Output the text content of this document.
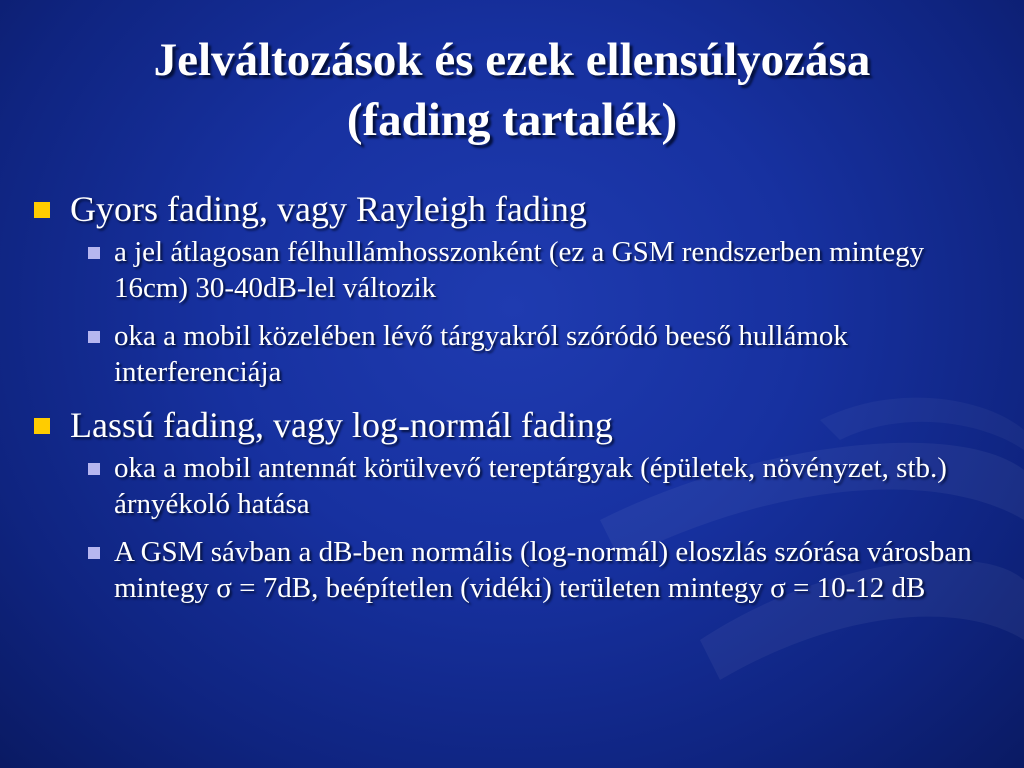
Jelváltozások és ezek ellensúlyozása
(fading tartalék)
Gyors fading, vagy Rayleigh fading
a jel átlagosan félhullámhosszonként (ez a GSM rendszerben mintegy 16cm) 30-40dB-lel változik
oka a mobil közelében lévő tárgyakról szóródó beeső hullámok interferenciája
Lassú fading, vagy log-normál fading
oka a mobil antennát körülvevő tereptárgyak (épületek, növényzet, stb.) árnyékoló hatása
A GSM sávban a dB-ben normális (log-normál) eloszlás szórása városban mintegy σ = 7dB, beépítetlen (vidéki) területen mintegy σ = 10-12 dB
